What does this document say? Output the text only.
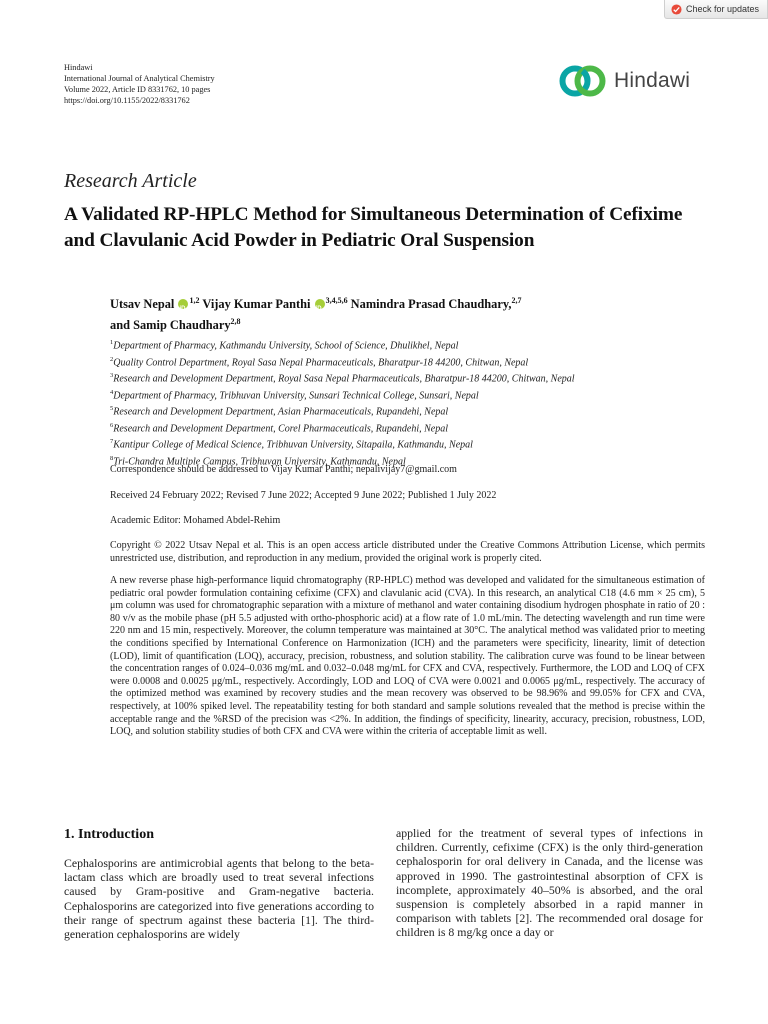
Check for updates
Hindawi
International Journal of Analytical Chemistry
Volume 2022, Article ID 8331762, 10 pages
https://doi.org/10.1155/2022/8331762
Hindawi
Research Article
A Validated RP-HPLC Method for Simultaneous Determination of Cefixime and Clavulanic Acid Powder in Pediatric Oral Suspension
Utsav Nepal iD $^{1,2}$ Vijay Kumar Panthi iD $^{3,4,5,6}$ Namindra Prasad Chaudhary,$^{2,7}$
and Samip Chaudhary$^{2,8}$
$^1$Department of Pharmacy, Kathmandu University, School of Science, Dhulikhel, Nepal
$^2$Quality Control Department, Royal Sasa Nepal Pharmaceuticals, Bharatpur-18 44200, Chitwan, Nepal
$^3$Research and Development Department, Royal Sasa Nepal Pharmaceuticals, Bharatpur-18 44200, Chitwan, Nepal
$^4$Department of Pharmacy, Tribhuvan University, Sunsari Technical College, Sunsari, Nepal
$^5$Research and Development Department, Asian Pharmaceuticals, Rupandehi, Nepal
$^6$Research and Development Department, Corel Pharmaceuticals, Rupandehi, Nepal
$^7$Kantipur College of Medical Science, Tribhuvan University, Sitapaila, Kathmandu, Nepal
$^8$Tri-Chandra Multiple Campus, Tribhuvan University, Kathmandu, Nepal
Correspondence should be addressed to Vijay Kumar Panthi; nepalivijay7@gmail.com
Received 24 February 2022; Revised 7 June 2022; Accepted 9 June 2022; Published 1 July 2022
Academic Editor: Mohamed Abdel-Rehim
Copyright © 2022 Utsav Nepal et al. This is an open access article distributed under the Creative Commons Attribution License, which permits unrestricted use, distribution, and reproduction in any medium, provided the original work is properly cited.
A new reverse phase high-performance liquid chromatography (RP-HPLC) method was developed and validated for the simultaneous estimation of pediatric oral powder formulation containing cefixime (CFX) and clavulanic acid (CVA). In this research, an analytical C18 (4.6 mm × 25 cm), 5 μm column was used for chromatographic separation with a mixture of methanol and water containing disodium hydrogen phosphate in ratio of 20 : 80 v/v as the mobile phase (pH 5.5 adjusted with ortho-phosphoric acid) at a flow rate of 1.0 mL/min. The detecting wavelength and run time were 220 nm and 15 min, respectively. Moreover, the column temperature was maintained at 30°C. The analytical method was validated prior to meeting the conditions specified by International Conference on Harmonization (ICH) and the parameters were specificity, linearity, limit of detection (LOD), limit of quantification (LOQ), accuracy, precision, robustness, and solution stability. The calibration curve was found to be linear between the concentration ranges of 0.024–0.036 mg/mL and 0.032–0.048 mg/mL for CFX and CVA, respectively. Furthermore, the LOD and LOQ of CFX were 0.0008 and 0.0025 μg/mL, respectively. Accordingly, LOD and LOQ of CVA were 0.0021 and 0.0065 μg/mL, respectively. The accuracy of the optimized method was examined by recovery studies and the mean recovery was observed to be 98.96% and 99.05% for CFX and CVA, respectively, at 100% spiked level. The repeatability testing for both standard and sample solutions revealed that the method is precise within the acceptable range and the %RSD of the precision was <2%. In addition, the findings of specificity, linearity, accuracy, precision, robustness, LOD, LOQ, and solution stability studies of both CFX and CVA were within the criteria of acceptable limit as well.
1. Introduction
Cephalosporins are antimicrobial agents that belong to the beta-lactam class which are broadly used to treat several infections caused by Gram-positive and Gram-negative bacteria. Cephalosporins are categorized into five generations according to their range of spectrum against these bacteria [1]. The third-generation cephalosporins are widely
applied for the treatment of several types of infections in children. Currently, cefixime (CFX) is the only third-generation cephalosporin for oral delivery in Canada, and the license was approved in 1990. The gastrointestinal absorption of CFX is incomplete, approximately 40–50% is absorbed, and the oral suspension is completely absorbed in a rapid manner in comparison with tablets [2]. The recommended oral dosage for children is 8 mg/kg once a day or
